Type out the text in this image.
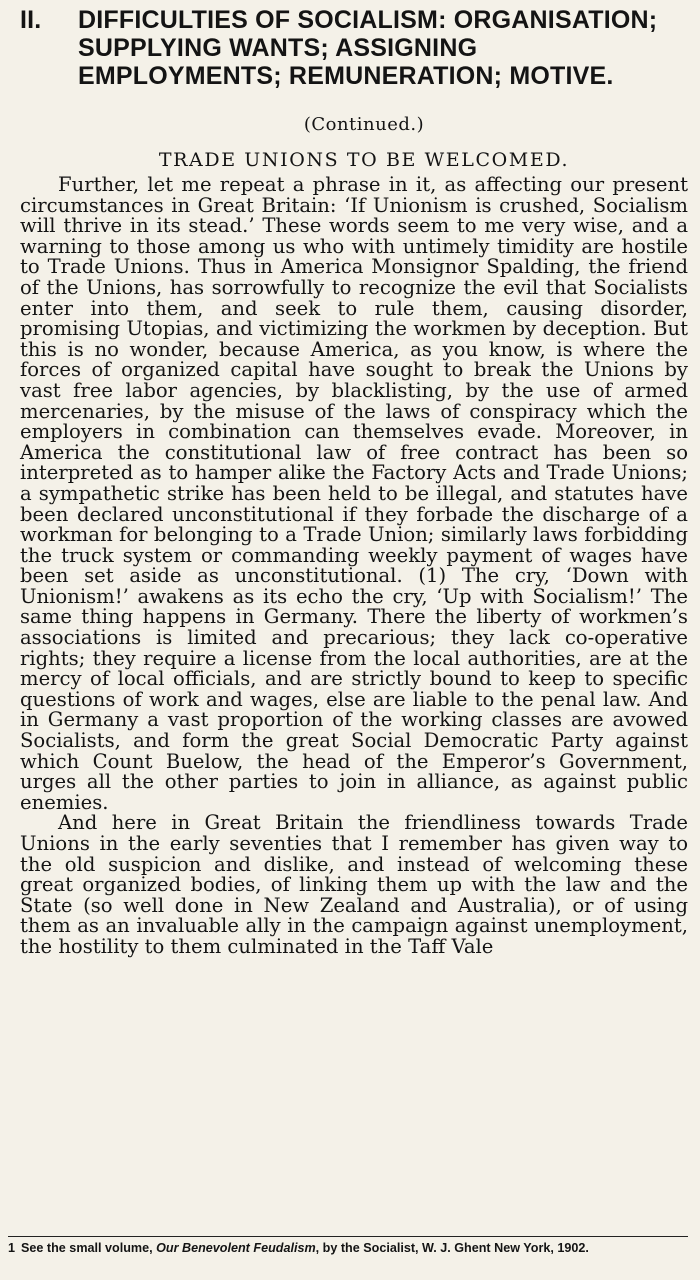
II.	DIFFICULTIES OF SOCIALISM: ORGANISATION; SUPPLYING WANTS; ASSIGNING EMPLOYMENTS; REMUNERATION; MOTIVE.
(Continued.)
TRADE UNIONS TO BE WELCOMED.

Further, let me repeat a phrase in it, as affecting our present circumstances in Great Britain: ‘If Unionism is crushed, Socialism will thrive in its stead.’ These words seem to me very wise, and a warning to those among us who with untimely timidity are hostile to Trade Unions. Thus in America Monsignor Spalding, the friend of the Unions, has sorrowfully to recognize the evil that Socialists enter into them, and seek to rule them, causing disorder, promising Utopias, and victimizing the workmen by deception. But this is no wonder, because America, as you know, is where the forces of organized capital have sought to break the Unions by vast free labor agencies, by blacklisting, by the use of armed mercenaries, by the misuse of the laws of conspiracy which the employers in combination can themselves evade. Moreover, in America the constitutional law of free contract has been so interpreted as to hamper alike the Factory Acts and Trade Unions; a sympathetic strike has been held to be illegal, and statutes have been declared unconstitutional if they forbade the discharge of a workman for belonging to a Trade Union; similarly laws forbidding the truck system or commanding weekly payment of wages have been set aside as unconstitutional. (1) The cry, ‘Down with Unionism!’ awakens as its echo the cry, ‘Up with Socialism!’ The same thing happens in Germany. There the liberty of workmen’s associations is limited and precarious; they lack co-operative rights; they require a license from the local authorities, are at the mercy of local officials, and are strictly bound to keep to specific questions of work and wages, else are liable to the penal law. And in Germany a vast proportion of the working classes are avowed Socialists, and form the great Social Democratic Party against which Count Buelow, the head of the Emperor’s Government, urges all the other parties to join in alliance, as against public enemies.

And here in Great Britain the friendliness towards Trade Unions in the early seventies that I remember has given way to the old suspicion and dislike, and instead of welcoming these great organized bodies, of linking them up with the law and the State (so well done in New Zealand and Australia), or of using them as an invaluable ally in the campaign against unemployment, the hostility to them culminated in the Taff Vale

1 See the small volume, Our Benevolent Feudalism, by the Socialist, W. J. Ghent New York, 1902.
